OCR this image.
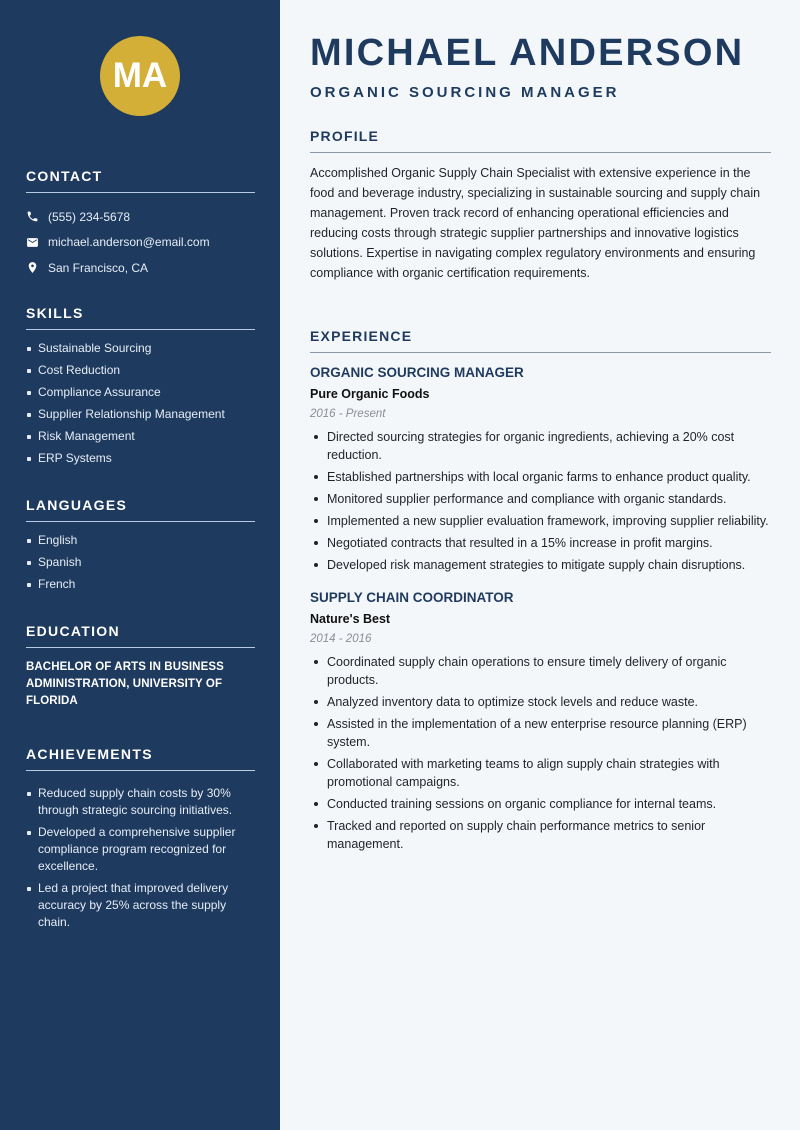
MA
CONTACT
(555) 234-5678
michael.anderson@email.com
San Francisco, CA
SKILLS
Sustainable Sourcing
Cost Reduction
Compliance Assurance
Supplier Relationship Management
Risk Management
ERP Systems
LANGUAGES
English
Spanish
French
EDUCATION

BACHELOR OF ARTS IN BUSINESS ADMINISTRATION, UNIVERSITY OF FLORIDA

ACHIEVEMENTS
Reduced supply chain costs by 30% through strategic sourcing initiatives.
Developed a comprehensive supplier compliance program recognized for excellence.
Led a project that improved delivery accuracy by 25% across the supply chain.
MICHAEL ANDERSON
ORGANIC SOURCING MANAGER
PROFILE

Accomplished Organic Supply Chain Specialist with extensive experience in the food and beverage industry, specializing in sustainable sourcing and supply chain management. Proven track record of enhancing operational efficiencies and reducing costs through strategic supplier partnerships and innovative logistics solutions. Expertise in navigating complex regulatory environments and ensuring compliance with organic certification requirements.

EXPERIENCE
ORGANIC SOURCING MANAGER
Pure Organic Foods
2016 - Present
Directed sourcing strategies for organic ingredients, achieving a 20% cost reduction.
Established partnerships with local organic farms to enhance product quality.
Monitored supplier performance and compliance with organic standards.
Implemented a new supplier evaluation framework, improving supplier reliability.
Negotiated contracts that resulted in a 15% increase in profit margins.
Developed risk management strategies to mitigate supply chain disruptions.
SUPPLY CHAIN COORDINATOR
Nature's Best
2014 - 2016
Coordinated supply chain operations to ensure timely delivery of organic products.
Analyzed inventory data to optimize stock levels and reduce waste.
Assisted in the implementation of a new enterprise resource planning (ERP) system.
Collaborated with marketing teams to align supply chain strategies with promotional campaigns.
Conducted training sessions on organic compliance for internal teams.
Tracked and reported on supply chain performance metrics to senior management.
